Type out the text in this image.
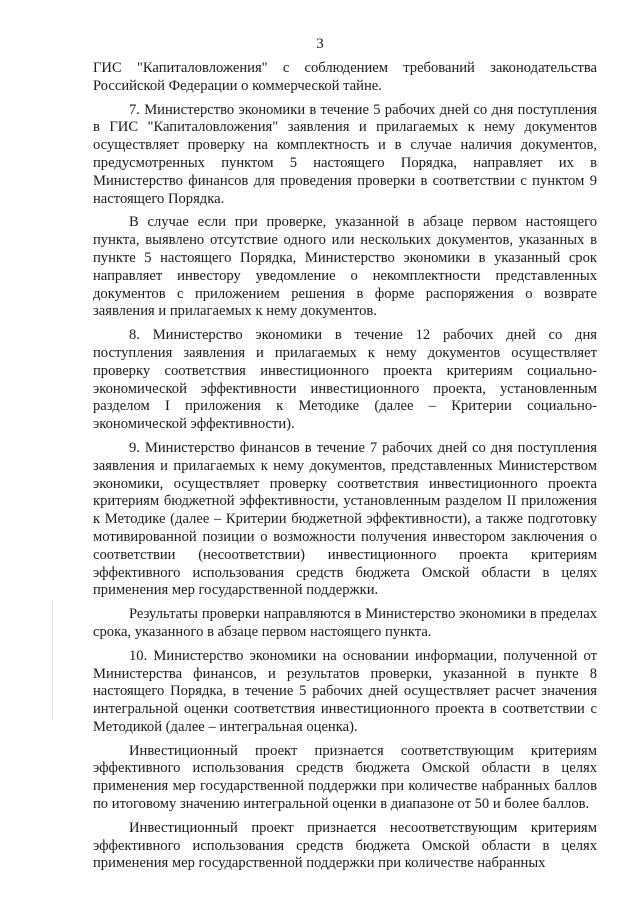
3

ГИС "Капиталовложения" с соблюдением требований законодательства Российской Федерации о коммерческой тайне.

7. Министерство экономики в течение 5 рабочих дней со дня поступления в ГИС "Капиталовложения" заявления и прилагаемых к нему документов осуществляет проверку на комплектность и в случае наличия документов, предусмотренных пунктом 5 настоящего Порядка, направляет их в Министерство финансов для проведения проверки в соответствии с пунктом 9 настоящего Порядка.

В случае если при проверке, указанной в абзаце первом настоящего пункта, выявлено отсутствие одного или нескольких документов, указанных в пункте 5 настоящего Порядка, Министерство экономики в указанный срок направляет инвестору уведомление о некомплектности представленных документов с приложением решения в форме распоряжения о возврате заявления и прилагаемых к нему документов.

8. Министерство экономики в течение 12 рабочих дней со дня поступления заявления и прилагаемых к нему документов осуществляет проверку соответствия инвестиционного проекта критериям социально-экономической эффективности инвестиционного проекта, установленным разделом I приложения к Методике (далее – Критерии социально-экономической эффективности).

9. Министерство финансов в течение 7 рабочих дней со дня поступления заявления и прилагаемых к нему документов, представленных Министерством экономики, осуществляет проверку соответствия инвестиционного проекта критериям бюджетной эффективности, установленным разделом II приложения к Методике (далее – Критерии бюджетной эффективности), а также подготовку мотивированной позиции о возможности получения инвестором заключения о соответствии (несоответствии) инвестиционного проекта критериям эффективного использования средств бюджета Омской области в целях применения мер государственной поддержки.

Результаты проверки направляются в Министерство экономики в пределах срока, указанного в абзаце первом настоящего пункта.

10. Министерство экономики на основании информации, полученной от Министерства финансов, и результатов проверки, указанной в пункте 8 настоящего Порядка, в течение 5 рабочих дней осуществляет расчет значения интегральной оценки соответствия инвестиционного проекта в соответствии с Методикой (далее – интегральная оценка).

Инвестиционный проект признается соответствующим критериям эффективного использования средств бюджета Омской области в целях применения мер государственной поддержки при количестве набранных баллов по итоговому значению интегральной оценки в диапазоне от 50 и более баллов.

Инвестиционный проект признается несоответствующим критериям эффективного использования средств бюджета Омской области в целях применения мер государственной поддержки при количестве набранных
